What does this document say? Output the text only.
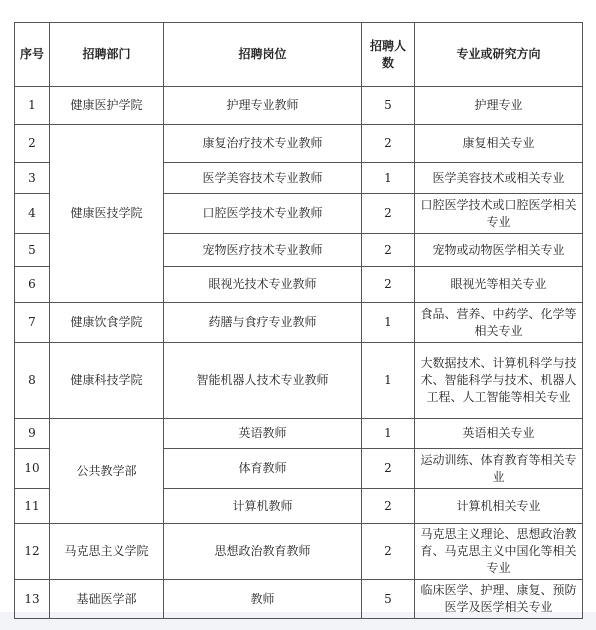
序号	招聘部门	招聘岗位	招聘人数	专业或研究方向
1	健康医护学院	护理专业教师	5	护理专业
2	健康医技学院	康复治疗技术专业教师	2	康复相关专业
3		医学美容技术专业教师	1	医学美容技术或相关专业
4		口腔医学技术专业教师	2	口腔医学技术或口腔医学相关专业
5		宠物医疗技术专业教师	2	宠物或动物医学相关专业
6		眼视光技术专业教师	2	眼视光等相关专业
7	健康饮食学院	药膳与食疗专业教师	1	食品、营养、中药学、化学等相关专业
8	健康科技学院	智能机器人技术专业教师	1	大数据技术、计算机科学与技术、智能科学与技术、机器人工程、人工智能等相关专业
9	公共教学部	英语教师	1	英语相关专业
10		体育教师	2	运动训练、体育教育等相关专业
11		计算机教师	2	计算机相关专业
12	马克思主义学院	思想政治教育教师	2	马克思主义理论、思想政治教育、马克思主义中国化等相关专业
13	基础医学部	教师	5	临床医学、护理、康复、预防医学及医学相关专业
